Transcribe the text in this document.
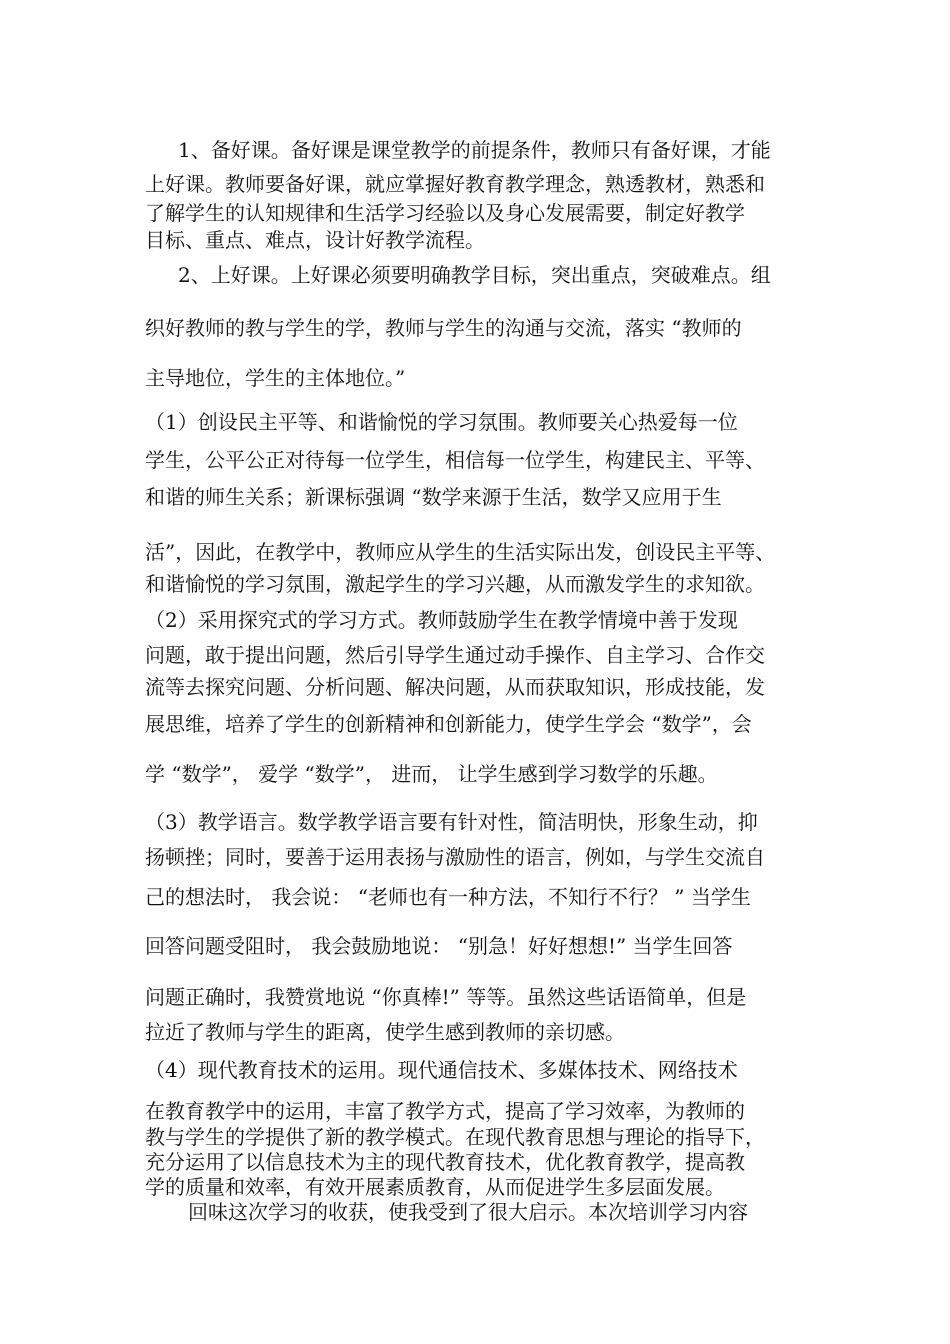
1、备好课。备好课是课堂教学的前提条件，教师只有备好课，才能
上好课。教师要备好课，就应掌握好教育教学理念，熟透教材，熟悉和
了解学生的认知规律和生活学习经验以及身心发展需要，制定好教学
目标、重点、难点，设计好教学流程。
2、上好课。上好课必须要明确教学目标，突出重点，突破难点。组
织好教师的教与学生的学，教师与学生的沟通与交流，落实 “教师的
主导地位，学生的主体地位。”
（1）创设民主平等、和谐愉悦的学习氛围。教师要关心热爱每一位
学生，公平公正对待每一位学生，相信每一位学生，构建民主、平等、
和谐的师生关系；新课标强调 “数学来源于生活，数学又应用于生
活”，因此，在教学中，教师应从学生的生活实际出发，创设民主平等、
和谐愉悦的学习氛围，激起学生的学习兴趣，从而激发学生的求知欲。
（2）采用探究式的学习方式。教师鼓励学生在教学情境中善于发现
问题，敢于提出问题，然后引导学生通过动手操作、自主学习、合作交
流等去探究问题、分析问题、解决问题，从而获取知识，形成技能，发
展思维，培养了学生的创新精神和创新能力，使学生学会 “数学”，会
学 “数学”， 爱学 “数学”， 进而， 让学生感到学习数学的乐趣。
（3）教学语言。数学教学语言要有针对性，简洁明快，形象生动，抑
扬顿挫；同时，要善于运用表扬与激励性的语言，例如，与学生交流自
己的想法时， 我会说： “老师也有一种方法，不知行不行？ ” 当学生
回答问题受阻时， 我会鼓励地说： “别急！好好想想!” 当学生回答
问题正确时，我赞赏地说 “你真棒!” 等等。虽然这些话语简单，但是
拉近了教师与学生的距离，使学生感到教师的亲切感。
（4）现代教育技术的运用。现代通信技术、多媒体技术、网络技术
在教育教学中的运用，丰富了教学方式，提高了学习效率，为教师的
教与学生的学提供了新的教学模式。在现代教育思想与理论的指导下，
充分运用了以信息技术为主的现代教育技术，优化教育教学，提高教
学的质量和效率，有效开展素质教育，从而促进学生多层面发展。
回味这次学习的收获，使我受到了很大启示。本次培训学习内容
